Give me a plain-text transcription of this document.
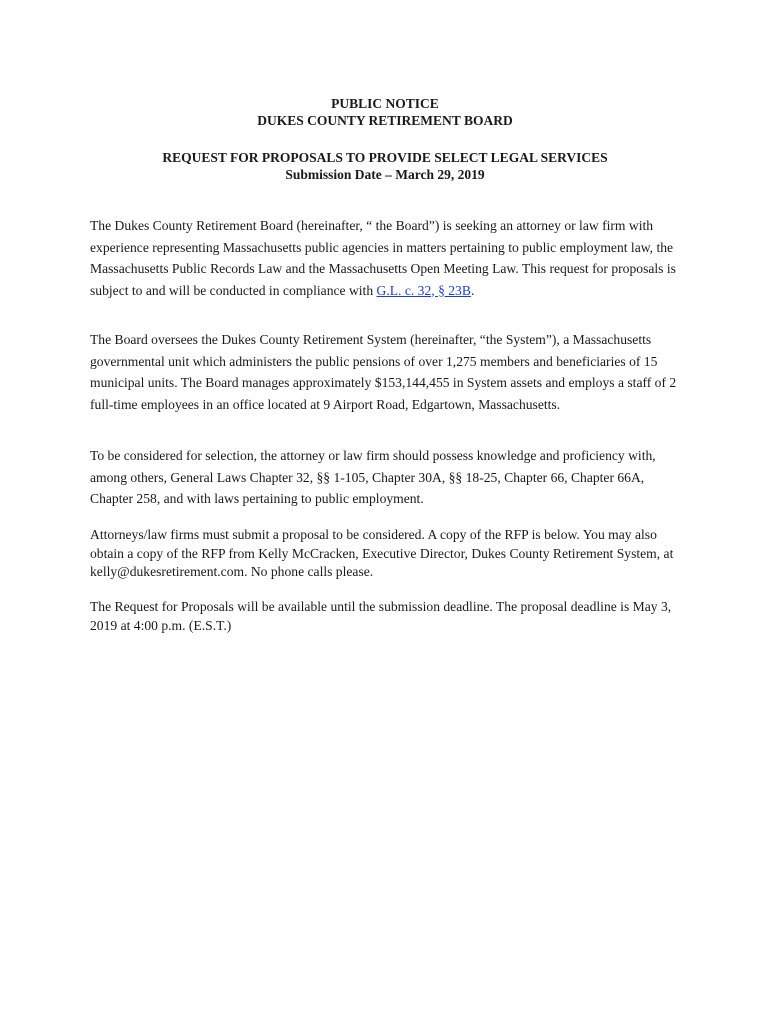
PUBLIC NOTICE
DUKES COUNTY RETIREMENT BOARD
REQUEST FOR PROPOSALS TO PROVIDE SELECT LEGAL SERVICES
Submission Date – March 29, 2019

The Dukes County Retirement Board (hereinafter, “ the Board”) is seeking an attorney or law firm with experience representing Massachusetts public agencies in matters pertaining to public employment law, the Massachusetts Public Records Law and the Massachusetts Open Meeting Law. This request for proposals is subject to and will be conducted in compliance with G.L. c. 32, § 23B.

The Board oversees the Dukes County Retirement System (hereinafter, “the System”), a Massachusetts governmental unit which administers the public pensions of over 1,275 members and beneficiaries of 15 municipal units. The Board manages approximately $153,144,455 in System assets and employs a staff of 2 full-time employees in an office located at 9 Airport Road, Edgartown, Massachusetts.

To be considered for selection, the attorney or law firm should possess knowledge and proficiency with, among others, General Laws Chapter 32, §§ 1-105, Chapter 30A, §§ 18-25, Chapter 66, Chapter 66A, Chapter 258, and with laws pertaining to public employment.

Attorneys/law firms must submit a proposal to be considered. A copy of the RFP is below. You may also obtain a copy of the RFP from Kelly McCracken, Executive Director, Dukes County Retirement System, at kelly@dukesretirement.com. No phone calls please.

The Request for Proposals will be available until the submission deadline. The proposal deadline is May 3, 2019 at 4:00 p.m. (E.S.T.)
